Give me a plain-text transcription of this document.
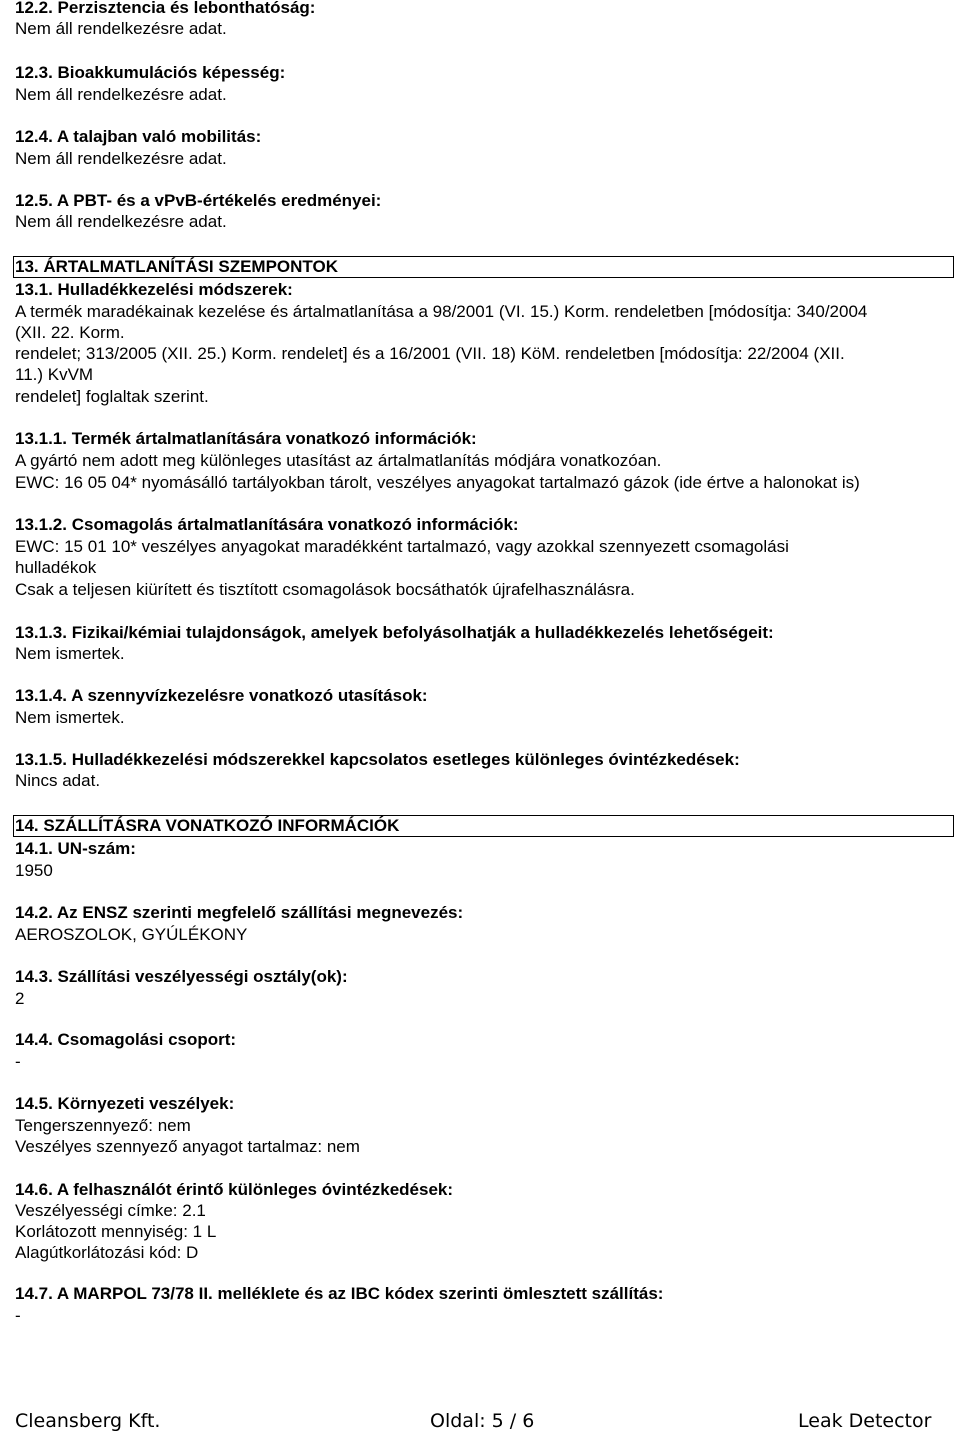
12.2. Perzisztencia és lebonthatóság:
Nem áll rendelkezésre adat.
12.3. Bioakkumulációs képesség:
Nem áll rendelkezésre adat.
12.4. A talajban való mobilitás:
Nem áll rendelkezésre adat.
12.5. A PBT- és a vPvB-értékelés eredményei:
Nem áll rendelkezésre adat.
13. ÁRTALMATLANÍTÁSI SZEMPONTOK
13.1. Hulladékkezelési módszerek:
A termék maradékainak kezelése és ártalmatlanítása a 98/2001 (VI. 15.) Korm. rendeletben [módosítja: 340/2004
(XII. 22. Korm.
rendelet; 313/2005 (XII. 25.) Korm. rendelet] és a 16/2001 (VII. 18) KöM. rendeletben [módosítja: 22/2004 (XII.
11.) KvVM
rendelet] foglaltak szerint.
13.1.1. Termék ártalmatlanítására vonatkozó információk:
A gyártó nem adott meg különleges utasítást az ártalmatlanítás módjára vonatkozóan.
EWC: 16 05 04* nyomásálló tartályokban tárolt, veszélyes anyagokat tartalmazó gázok (ide értve a halonokat is)
13.1.2. Csomagolás ártalmatlanítására vonatkozó információk:
EWC: 15 01 10* veszélyes anyagokat maradékként tartalmazó, vagy azokkal szennyezett csomagolási
hulladékok
Csak a teljesen kiürített és tisztított csomagolások bocsáthatók újrafelhasználásra.
13.1.3. Fizikai/kémiai tulajdonságok, amelyek befolyásolhatják a hulladékkezelés lehetőségeit:
Nem ismertek.
13.1.4. A szennyvízkezelésre vonatkozó utasítások:
Nem ismertek.
13.1.5. Hulladékkezelési módszerekkel kapcsolatos esetleges különleges óvintézkedések:
Nincs adat.
14. SZÁLLÍTÁSRA VONATKOZÓ INFORMÁCIÓK
14.1. UN-szám:
1950
14.2. Az ENSZ szerinti megfelelő szállítási megnevezés:
AEROSZOLOK, GYÚLÉKONY
14.3. Szállítási veszélyességi osztály(ok):
2
14.4. Csomagolási csoport:
-
14.5. Környezeti veszélyek:
Tengerszennyező: nem
Veszélyes szennyező anyagot tartalmaz: nem
14.6. A felhasználót érintő különleges óvintézkedések:
Veszélyességi címke: 2.1
Korlátozott mennyiség: 1 L
Alagútkorlátozási kód: D
14.7. A MARPOL 73/78 II. melléklete és az IBC kódex szerinti ömlesztett szállítás:
-
Cleansberg Kft.	Oldal: 5 / 6	Leak Detector
